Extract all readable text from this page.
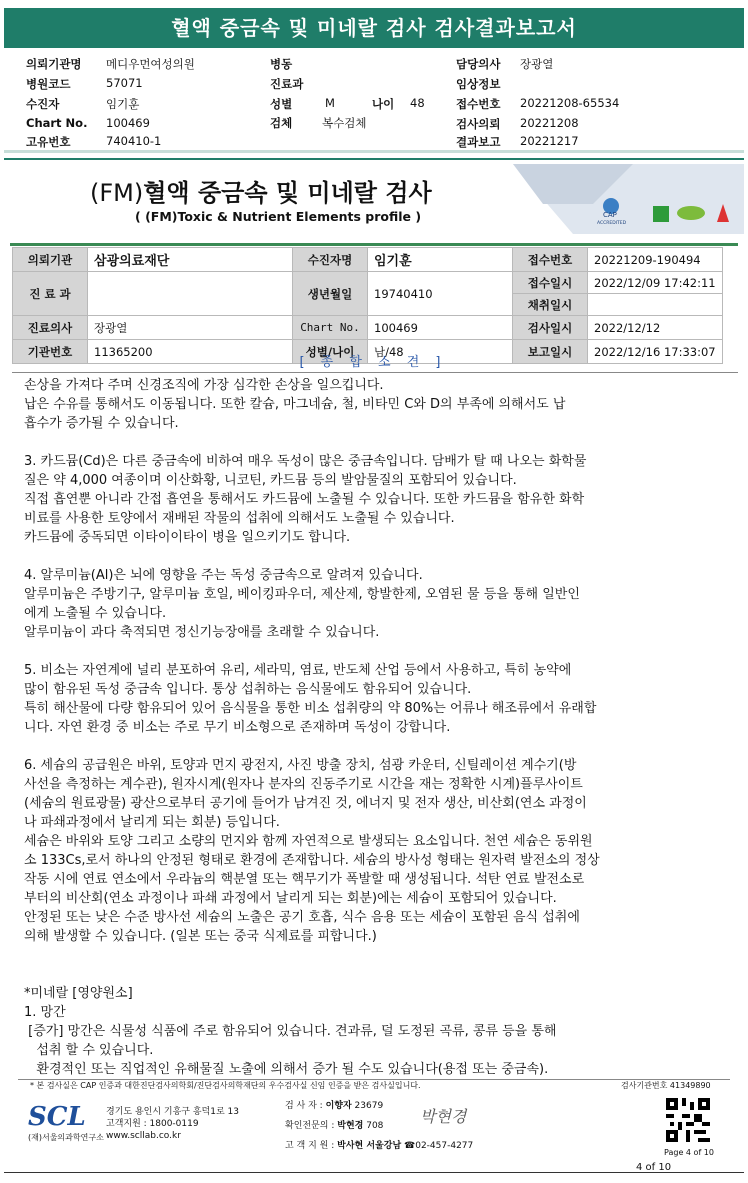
혈액 중금속 및 미네랄 검사 검사결과보고서
의뢰기관명 메디우먼여성의원
병원코드	57071
수진자	임기훈
Chart No. 100469
고유번호	740410-1
병동
진료과
성별	M	나이 48
검체	복수검체
담당의사 장광열
임상정보
접수번호 20221208-65534
검사의뢰 20221208
결과보고 20221217
(FM)혈액 중금속 및 미네랄 검사
( (FM)Toxic & Nutrient Elements profile )	CAP
ACCREDITED
의뢰기관	삼광의료재단	수진자명	임기훈	접수번호	20221209-190494
진 료 과		생년월일	19740410	접수일시	2022/12/09 17:42:11
				채취일시	
진료의사	장광열	Chart No.	100469	검사일시	2022/12/12
기관번호	11365200	성별/나이	남/48	보고일시	2022/12/16 17:33:07
[ 종 합 소 견 ]

손상을 가져다 주며 신경조직에 가장 심각한 손상을 일으킵니다.

납은 수유를 통해서도 이동됩니다. 또한 칼슘, 마그네슘, 철, 비타민 C와 D의 부족에 의해서도 납

흡수가 증가될 수 있습니다.

3. 카드뮴(Cd)은 다른 중금속에 비하여 매우 독성이 많은 중금속입니다. 담배가 탈 때 나오는 화학물

질은 약 4,000 여종이며 이산화황, 니코틴, 카드뮴 등의 발암물질의 포함되어 있습니다.

직접 흡연뿐 아니라 간접 흡연을 통해서도 카드뮴에 노출될 수 있습니다. 또한 카드뮴을 함유한 화학

비료를 사용한 토양에서 재배된 작물의 섭취에 의해서도 노출될 수 있습니다.

카드뮴에 중독되면 이타이이타이 병을 일으키기도 합니다.

4. 알루미늄(Al)은 뇌에 영향을 주는 독성 중금속으로 알려져 있습니다.

알루미늄은 주방기구, 알루미늄 호일, 베이킹파우더, 제산제, 항발한제, 오염된 물 등을 통해 일반인

에게 노출될 수 있습니다.

알루미늄이 과다 축적되면 정신기능장애를 초래할 수 있습니다.

5. 비소는 자연계에 널리 분포하여 유리, 세라믹, 염료, 반도체 산업 등에서 사용하고, 특히 농약에

많이 함유된 독성 중금속 입니다. 통상 섭취하는 음식물에도 함유되어 있습니다.

특히 해산물에 다량 함유되어 있어 음식물을 통한 비소 섭취량의 약 80%는 어류나 해조류에서 유래합

니다. 자연 환경 중 비소는 주로 무기 비소형으로 존재하며 독성이 강합니다.

6. 세슘의 공급원은 바위, 토양과 먼지 광전지, 사진 방출 장치, 섬광 카운터, 신틸레이션 계수기(방

사선을 측정하는 계수관), 원자시계(원자나 분자의 진동주기로 시간을 재는 정확한 시계)플루사이트

(세슘의 원료광물) 광산으로부터 공기에 들어가 남겨진 것, 에너지 및 전자 생산, 비산회(연소 과정이

나 파쇄과정에서 날리게 되는 회분) 등입니다.

세슘은 바위와 토양 그리고 소량의 먼지와 함께 자연적으로 발생되는 요소입니다. 천연 세슘은 동위원

소 133Cs,로서 하나의 안정된 형태로 환경에 존재합니다. 세슘의 방사성 형태는 원자력 발전소의 정상

작동 시에 연료 연소에서 우라늄의 핵분열 또는 핵무기가 폭발할 때 생성됩니다. 석탄 연료 발전소로

부터의 비산회(연소 과정이나 파쇄 과정에서 날리게 되는 회분)에는 세슘이 포함되어 있습니다.

안정된 또는 낮은 수준 방사선 세슘의 노출은 공기 호흡, 식수 음용 또는 세슘이 포함된 음식 섭취에

의해 발생할 수 있습니다. (일본 또는 중국 식제료를 피합니다.)

*미네랄 [영양원소]

1. 망간

[증가] 망간은 식물성 식품에 주로 함유되어 있습니다. 견과류, 덜 도정된 곡류, 콩류 등을 통해

섭취 할 수 있습니다.

환경적인 또는 직업적인 유해물질 노출에 의해서 증가 될 수도 있습니다(용접 또는 중금속).

* 본 검사실은 CAP 인증과 대한진단검사의학회/진단검사의학재단의 우수검사실 신임 인증을 받은 검사실입니다.	검사기관번호 41349890
SCL
(재)서울의과학연구소
경기도 용인시 기흥구 흥덕1로 13
고객지원 : 1800-0119
www.scllab.co.kr
검 사 자 : 이향자 23679
확인전문의 : 박현경 708
고 객 지 원 : 박사현 서울강남 ☎02-457-4277
박현경
Page 4 of 10
4 of 10
